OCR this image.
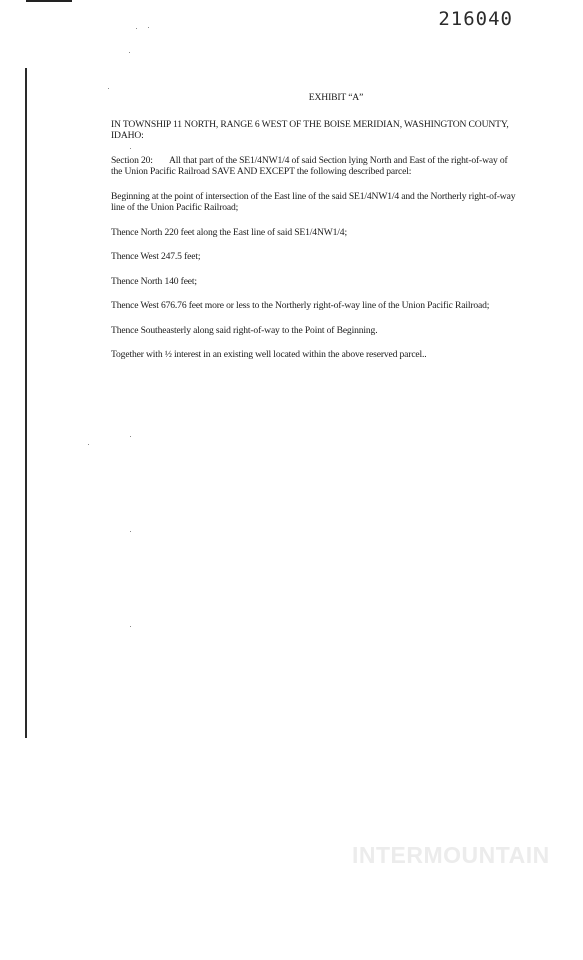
216040
EXHIBIT “A”
IN TOWNSHIP 11 NORTH, RANGE 6 WEST OF THE BOISE MERIDIAN, WASHINGTON COUNTY, IDAHO:
Section 20: All that part of the SE1/4NW1/4 of said Section lying North and East of the right-of-way of the Union Pacific Railroad SAVE AND EXCEPT the following described parcel:
Beginning at the point of intersection of the East line of the said SE1/4NW1/4 and the Northerly right-of-way line of the Union Pacific Railroad;
Thence North 220 feet along the East line of said SE1/4NW1/4;
Thence West 247.5 feet;
Thence North 140 feet;
Thence West 676.76 feet more or less to the Northerly right-of-way line of the Union Pacific Railroad;
Thence Southeasterly along said right-of-way to the Point of Beginning.
Together with ½ interest in an existing well located within the above reserved parcel..
INTERMOUNTAIN
